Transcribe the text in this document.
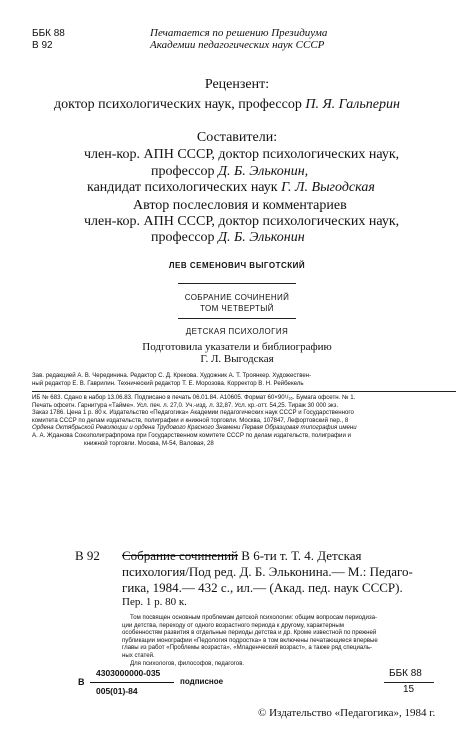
ББК 88
В 92
Печатается по решению Президиума
Академии педагогических наук СССР
Рецензент:
доктор психологических наук, профессор П. Я. Гальперин
Составители:
член-кор. АПН СССР, доктор психологических наук,
профессор Д. Б. Эльконин,
кандидат психологических наук Г. Л. Выгодская
Автор послесловия и комментариев
член-кор. АПН СССР, доктор психологических наук,
профессор Д. Б. Эльконин
ЛЕВ СЕМЕНОВИЧ ВЫГОТСКИЙ
СОБРАНИЕ СОЧИНЕНИЙ
ТОМ ЧЕТВЕРТЫЙ
ДЕТСКАЯ ПСИХОЛОГИЯ
Подготовила указатели и библиографию
Г. Л. Выгодская
Зав. редакцией А. В. Черединина. Редактор С. Д. Крекова. Художник А. Т. Троянкер. Художествен-
ный редактор Е. В. Гаврилин. Технический редактор Т. Е. Морозова. Корректор В. Н. Рейбекель
ИБ № 683. Сдано в набор 13.06.83. Подписано в печать 06.01.84. А10605. Формат 60×90¹/₁₆. Бумага офсетн. № 1.
Печать офсетн. Гарнитура «Тайме». Усл. печ. л. 27,0. Уч.-изд. л. 32,87. Усл. кр.-отт. 54,25. Тираж 30 000 экз.
Заказ 1786. Цена 1 р. 80 к. Издательство «Педагогика» Академии педагогических наук СССР и Государственного
комитета СССР по делам издательств, полиграфии и книжной торговли. Москва, 107847, Лефортовский пер., 8
Ордена Октябрьской Революции и ордена Трудового Красного Знамени Первая Образцовая типография имени
А. А. Жданова Союзполиграфпрома при Государственном комитете СССР по делам издательств, полиграфии и
книжной торговли. Москва, М-54, Валовая, 28
В 92 Собрание сочинений В 6-ти т. Т. 4. Детская
психология/Под ред. Д. Б. Эльконина.— М.: Педаго-
гика, 1984.— 432 с., ил.— (Акад. пед. наук СССР).
Пер. 1 р. 80 к.
Том посвящен основным проблемам детской психологии: общим вопросам периодиза-
ции детства, переходу от одного возрастного периода к другому, характерным
особенностям развития в отдельные периоды детства и др. Кроме известной по прежней
публикации монографии «Педология подростка» в том включены печатающиеся впервые
главы из работ «Проблемы возраста», «Младенческий возраст», а также ряд специаль-
ных статей.
Для психологов, философов, педагогов.
4303000000-035
В	подписное
005(01)-84
ББК 88
15
© Издательство «Педагогика», 1984 г.
